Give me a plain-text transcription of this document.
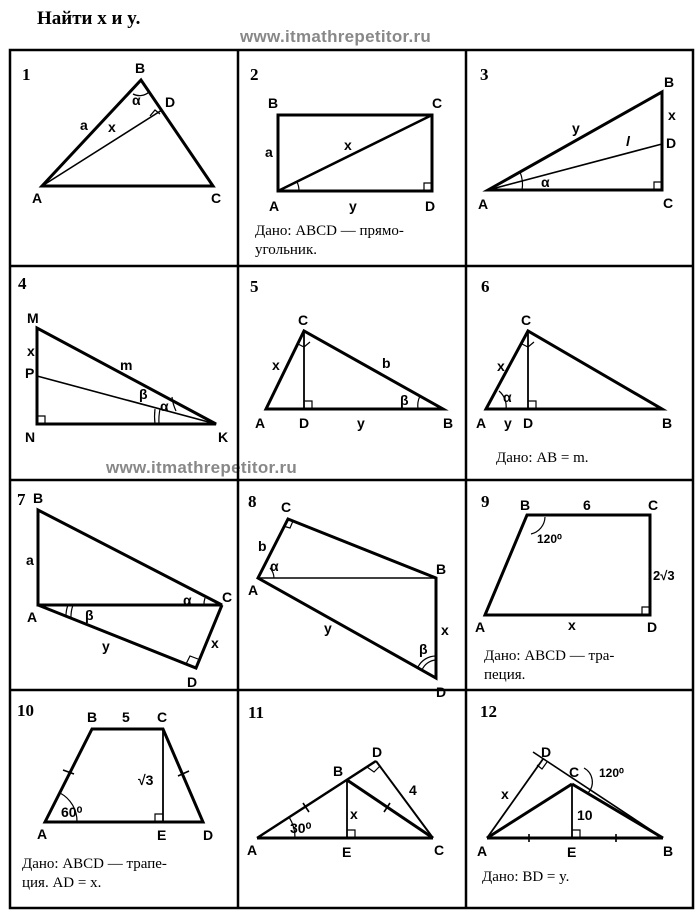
Найти x и y.
www.itmathrepetitor.ru
www.itmathrepetitor.ru
1	2	3
4	5	6
7	8	9
10	11	12
B
D
α
a x
A	C
B	C
a	x
A	y	D
Дано: ABCD — прямо-
угольник.
B
y
x
l	D
α
A	C
M
x
P	m
β
α
N	K
C
x	b
β
A D	y	B
C
x
α
A y D	B
Дано: AB = m.
B
a
A	β
α C
y	x
D
C
b
α
A
B
y	x
β
D
B	6	C
120⁰
2√3
A	x	D
Дано: ABCD — тра-
пеция.
B 5 C
√3
60⁰
A	E	D
Дано: ABCD — трапе-
ция. AD = x.
D
B
4
x
30⁰
A	E	C
D
C 120⁰
x
10
A	E	B
Дано: BD = y.
